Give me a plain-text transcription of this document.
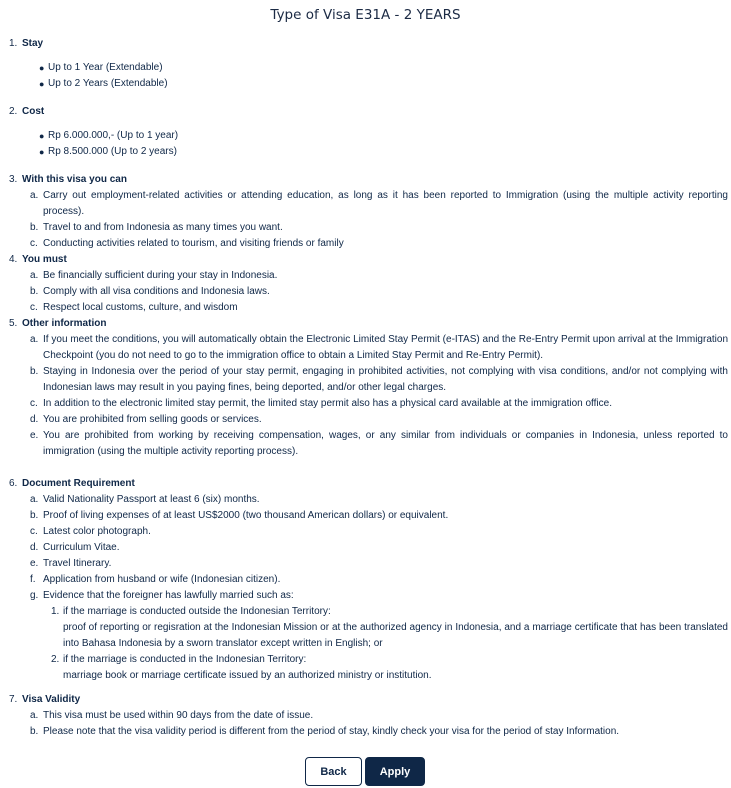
Type of Visa E31A - 2 YEARS
1. Stay
● Up to 1 Year (Extendable)
● Up to 2 Years (Extendable)
2. Cost
● Rp 6.000.000,- (Up to 1 year)
● Rp 8.500.000 (Up to 2 years)
3. With this visa you can
a. Carry out employment-related activities or attending education, as long as it has been reported to Immigration (using the multiple activity reporting process).
b. Travel to and from Indonesia as many times you want.
c. Conducting activities related to tourism, and visiting friends or family
4. You must
a. Be financially sufficient during your stay in Indonesia.
b. Comply with all visa conditions and Indonesia laws.
c. Respect local customs, culture, and wisdom
5. Other information
a. If you meet the conditions, you will automatically obtain the Electronic Limited Stay Permit (e-ITAS) and the Re-Entry Permit upon arrival at the Immigration Checkpoint (you do not need to go to the immigration office to obtain a Limited Stay Permit and Re-Entry Permit).
b. Staying in Indonesia over the period of your stay permit, engaging in prohibited activities, not complying with visa conditions, and/or not complying with Indonesian laws may result in you paying fines, being deported, and/or other legal charges.
c. In addition to the electronic limited stay permit, the limited stay permit also has a physical card available at the immigration office.
d. You are prohibited from selling goods or services.
e. You are prohibited from working by receiving compensation, wages, or any similar from individuals or companies in Indonesia, unless reported to immigration (using the multiple activity reporting process).
6. Document Requirement
a. Valid Nationality Passport at least 6 (six) months.
b. Proof of living expenses of at least US$2000 (two thousand American dollars) or equivalent.
c. Latest color photograph.
d. Curriculum Vitae.
e. Travel Itinerary.
f. Application from husband or wife (Indonesian citizen).
g. Evidence that the foreigner has lawfully married such as:
1. if the marriage is conducted outside the Indonesian Territory:
proof of reporting or regisration at the Indonesian Mission or at the authorized agency in Indonesia, and a marriage certificate that has been translated into Bahasa Indonesia by a sworn translator except written in English; or
2. if the marriage is conducted in the Indonesian Territory:
marriage book or marriage certificate issued by an authorized ministry or institution.
7. Visa Validity
a. This visa must be used within 90 days from the date of issue.
b. Please note that the visa validity period is different from the period of stay, kindly check your visa for the period of stay Information.
Back	Apply
